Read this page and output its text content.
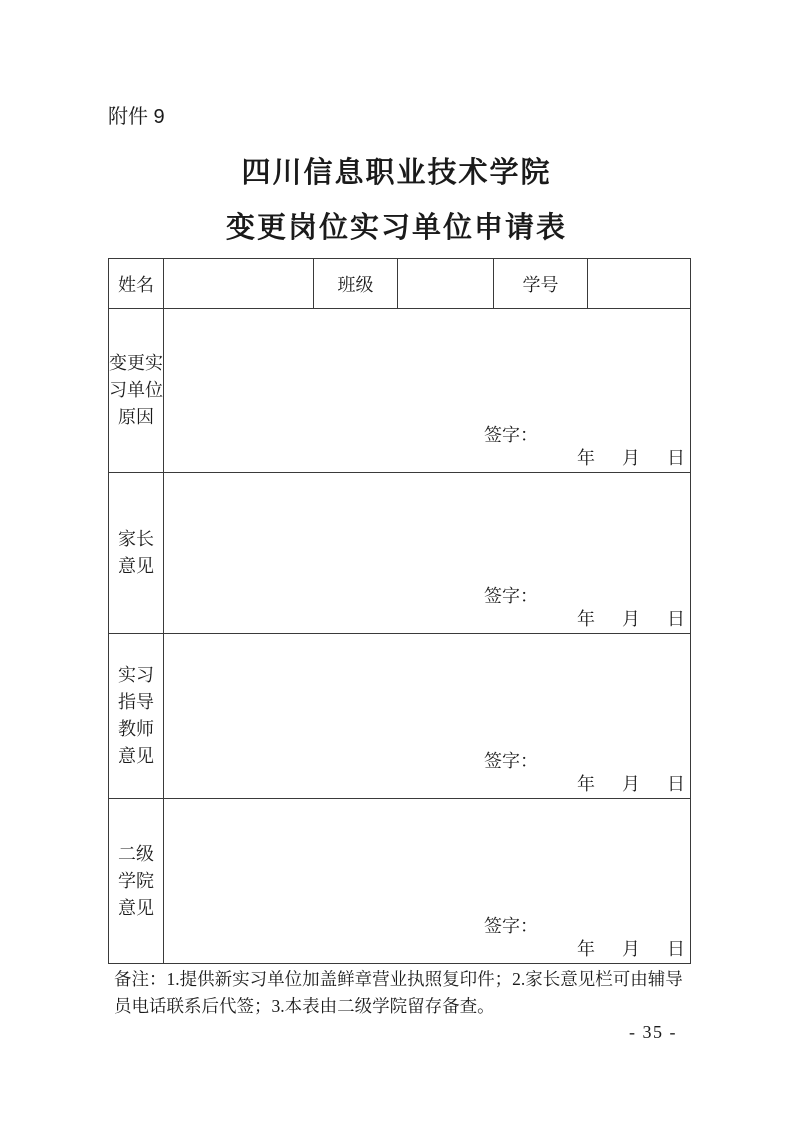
附件 9
四川信息职业技术学院
变更岗位实习单位申请表
姓名		班级		学号	

变更实
习单位
原因

签字：
年      月      日

家长
意见

签字：
年      月      日

实习
指导
教师
意见	签字：
年      月      日

二级
学院
意见

签字：
年      月      日
备注：1.提供新实习单位加盖鲜章营业执照复印件；2.家长意见栏可由辅导
员电话联系后代签；3.本表由二级学院留存备查。
- 35 -
